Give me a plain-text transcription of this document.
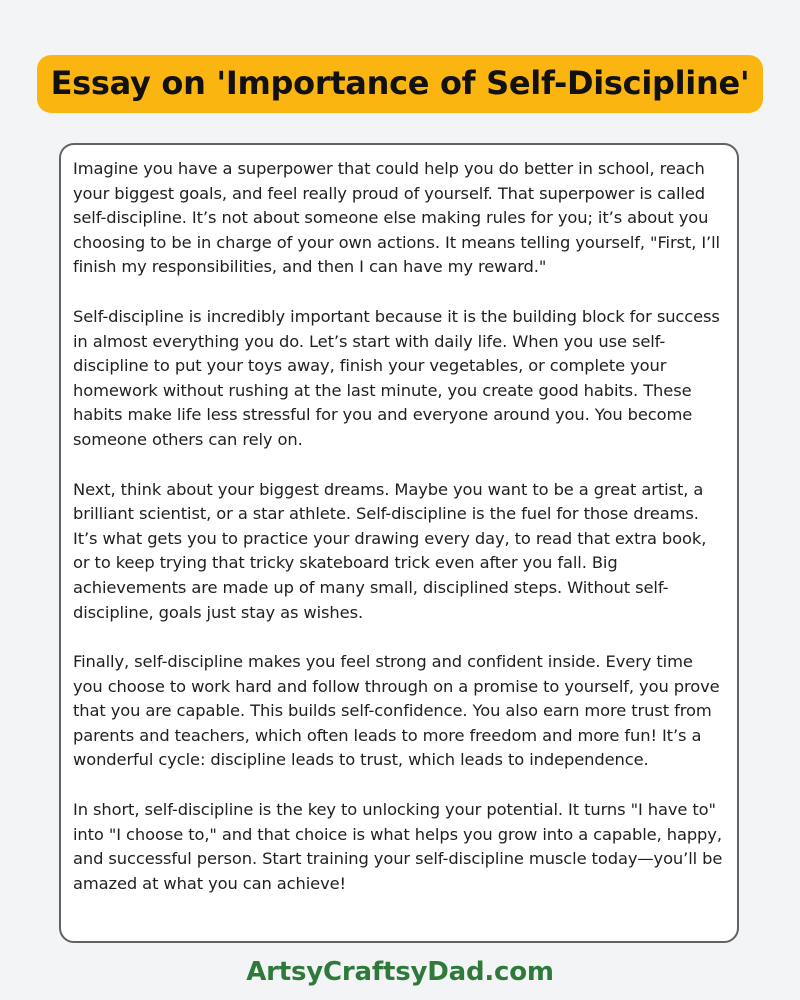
Essay on 'Importance of Self-Discipline'

Imagine you have a superpower that could help you do better in school, reach your biggest goals, and feel really proud of yourself. That superpower is called self-discipline. It’s not about someone else making rules for you; it’s about you choosing to be in charge of your own actions. It means telling yourself, "First, I’ll finish my responsibilities, and then I can have my reward."

Self-discipline is incredibly important because it is the building block for success in almost everything you do. Let’s start with daily life. When you use self-discipline to put your toys away, finish your vegetables, or complete your homework without rushing at the last minute, you create good habits. These habits make life less stressful for you and everyone around you. You become someone others can rely on.

Next, think about your biggest dreams. Maybe you want to be a great artist, a brilliant scientist, or a star athlete. Self-discipline is the fuel for those dreams. It’s what gets you to practice your drawing every day, to read that extra book, or to keep trying that tricky skateboard trick even after you fall. Big achievements are made up of many small, disciplined steps. Without self-discipline, goals just stay as wishes.

Finally, self-discipline makes you feel strong and confident inside. Every time you choose to work hard and follow through on a promise to yourself, you prove that you are capable. This builds self-confidence. You also earn more trust from parents and teachers, which often leads to more freedom and more fun! It’s a wonderful cycle: discipline leads to trust, which leads to independence.

In short, self-discipline is the key to unlocking your potential. It turns "I have to" into "I choose to," and that choice is what helps you grow into a capable, happy, and successful person. Start training your self-discipline muscle today—you’ll be amazed at what you can achieve!

ArtsyCraftsyDad.com
